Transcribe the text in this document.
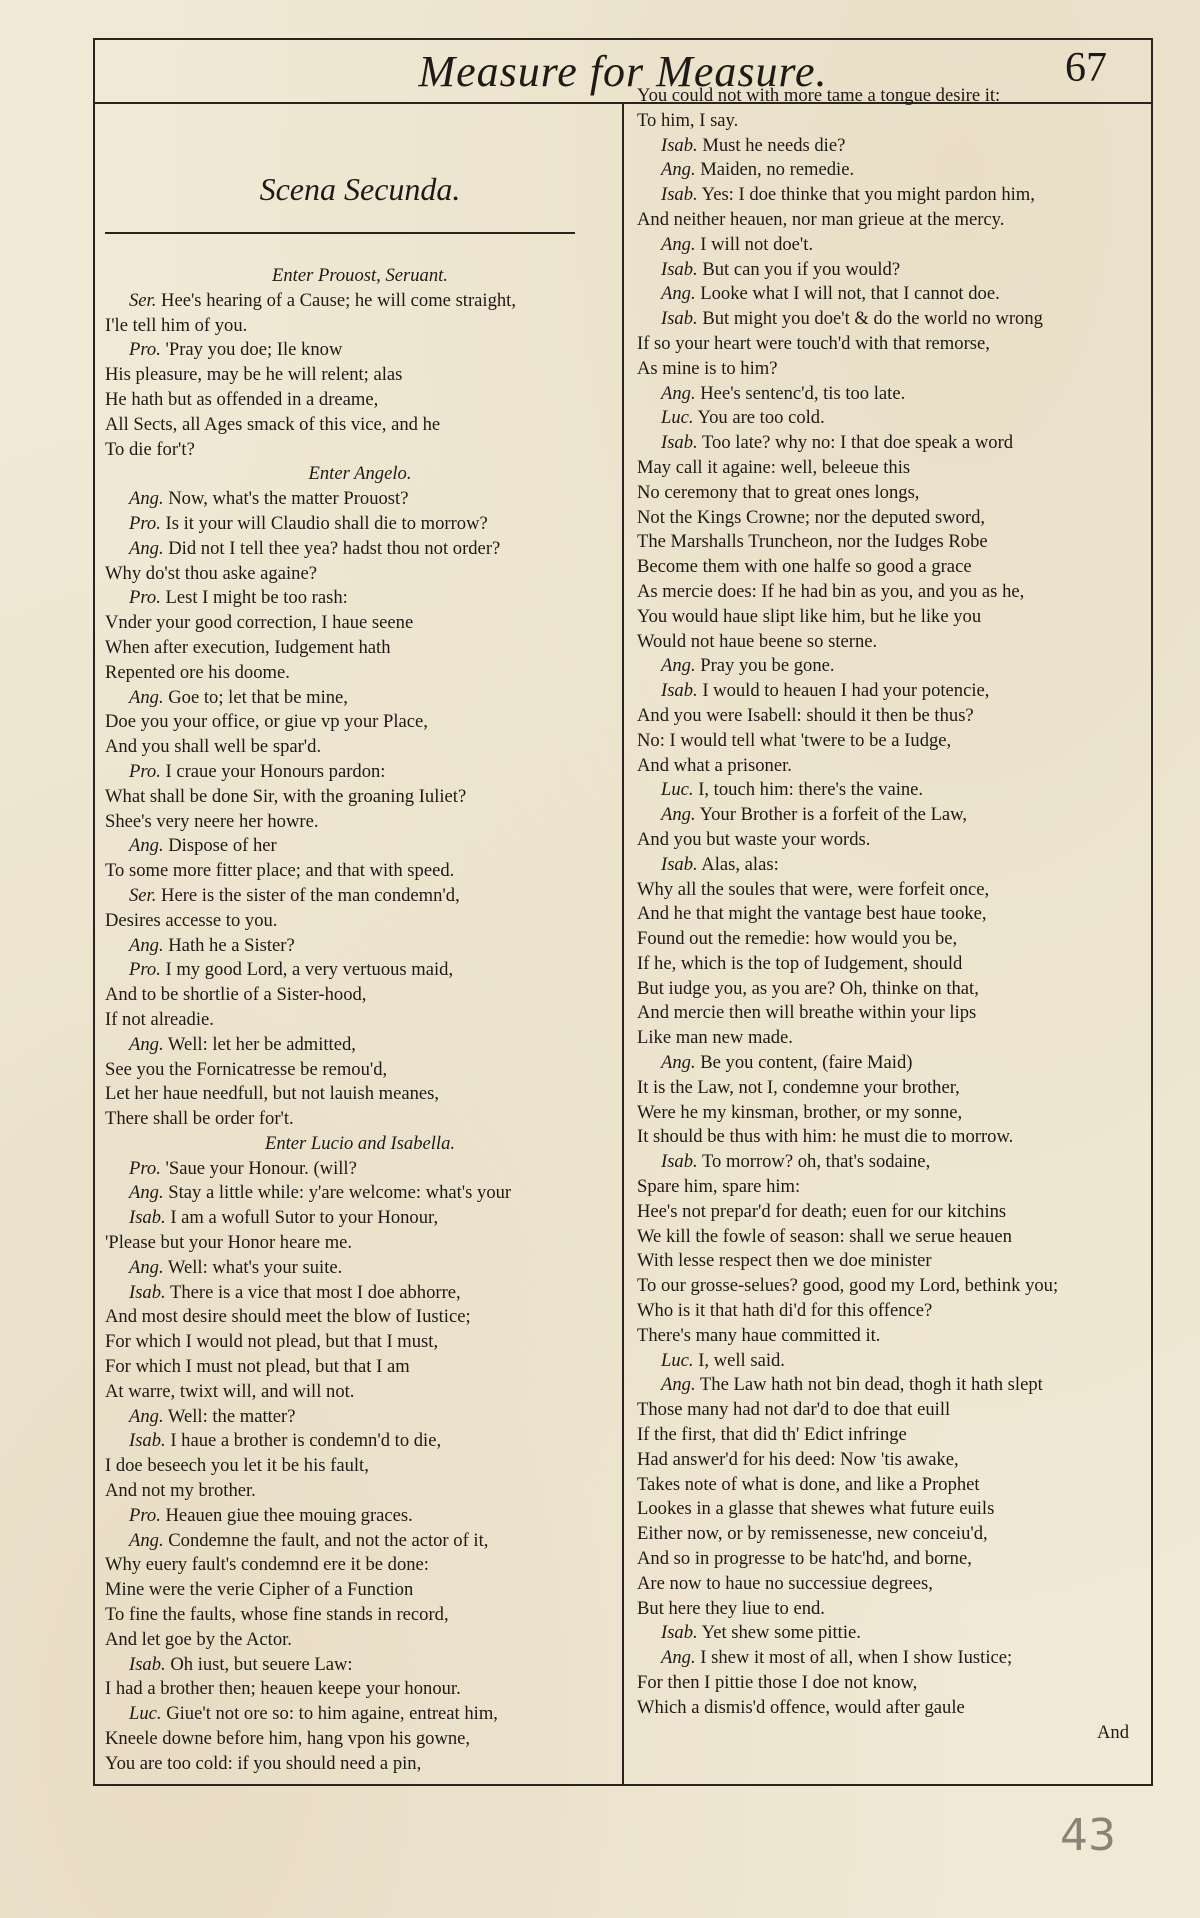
Measure for Measure.	67
Scena Secunda.
Enter Prouost, Seruant.
Ser. Hee's hearing of a Cause; he will come straight,
I'le tell him of you.
Pro. 'Pray you doe; Ile know
His pleasure, may be he will relent; alas
He hath but as offended in a dreame,
All Sects, all Ages smack of this vice, and he
To die for't?
Enter Angelo.
Ang. Now, what's the matter Prouost?
Pro. Is it your will Claudio shall die to morrow?
Ang. Did not I tell thee yea? hadst thou not order?
Why do'st thou aske againe?
Pro. Lest I might be too rash:
Vnder your good correction, I haue seene
When after execution, Iudgement hath
Repented ore his doome.
Ang. Goe to; let that be mine,
Doe you your office, or giue vp your Place,
And you shall well be spar'd.
Pro. I craue your Honours pardon:
What shall be done Sir, with the groaning Iuliet?
Shee's very neere her howre.
Ang. Dispose of her
To some more fitter place; and that with speed.
Ser. Here is the sister of the man condemn'd,
Desires accesse to you.
Ang. Hath he a Sister?
Pro. I my good Lord, a very vertuous maid,
And to be shortlie of a Sister-hood,
If not alreadie.
Ang. Well: let her be admitted,
See you the Fornicatresse be remou'd,
Let her haue needfull, but not lauish meanes,
There shall be order for't.
Enter Lucio and Isabella.
Pro. 'Saue your Honour. (will?
Ang. Stay a little while: y'are welcome: what's your
Isab. I am a wofull Sutor to your Honour,
'Please but your Honor heare me.
Ang. Well: what's your suite.
Isab. There is a vice that most I doe abhorre,
And most desire should meet the blow of Iustice;
For which I would not plead, but that I must,
For which I must not plead, but that I am
At warre, twixt will, and will not.
Ang. Well: the matter?
Isab. I haue a brother is condemn'd to die,
I doe beseech you let it be his fault,
And not my brother.
Pro. Heauen giue thee mouing graces.
Ang. Condemne the fault, and not the actor of it,
Why euery fault's condemnd ere it be done:
Mine were the verie Cipher of a Function
To fine the faults, whose fine stands in record,
And let goe by the Actor.
Isab. Oh iust, but seuere Law:
I had a brother then; heauen keepe your honour.
Luc. Giue't not ore so: to him againe, entreat him,
Kneele downe before him, hang vpon his gowne,
You are too cold: if you should need a pin,
You could not with more tame a tongue desire it:
To him, I say.
Isab. Must he needs die?
Ang. Maiden, no remedie.
Isab. Yes: I doe thinke that you might pardon him,
And neither heauen, nor man grieue at the mercy.
Ang. I will not doe't.
Isab. But can you if you would?
Ang. Looke what I will not, that I cannot doe.
Isab. But might you doe't & do the world no wrong
If so your heart were touch'd with that remorse,
As mine is to him?
Ang. Hee's sentenc'd, tis too late.
Luc. You are too cold.
Isab. Too late? why no: I that doe speak a word
May call it againe: well, beleeue this
No ceremony that to great ones longs,
Not the Kings Crowne; nor the deputed sword,
The Marshalls Truncheon, nor the Iudges Robe
Become them with one halfe so good a grace
As mercie does: If he had bin as you, and you as he,
You would haue slipt like him, but he like you
Would not haue beene so sterne.
Ang. Pray you be gone.
Isab. I would to heauen I had your potencie,
And you were Isabell: should it then be thus?
No: I would tell what 'twere to be a Iudge,
And what a prisoner.
Luc. I, touch him: there's the vaine.
Ang. Your Brother is a forfeit of the Law,
And you but waste your words.
Isab. Alas, alas:
Why all the soules that were, were forfeit once,
And he that might the vantage best haue tooke,
Found out the remedie: how would you be,
If he, which is the top of Iudgement, should
But iudge you, as you are? Oh, thinke on that,
And mercie then will breathe within your lips
Like man new made.
Ang. Be you content, (faire Maid)
It is the Law, not I, condemne your brother,
Were he my kinsman, brother, or my sonne,
It should be thus with him: he must die to morrow.
Isab. To morrow? oh, that's sodaine,
Spare him, spare him:
Hee's not prepar'd for death; euen for our kitchins
We kill the fowle of season: shall we serue heauen
With lesse respect then we doe minister
To our grosse-selues? good, good my Lord, bethink you;
Who is it that hath di'd for this offence?
There's many haue committed it.
Luc. I, well said.
Ang. The Law hath not bin dead, thogh it hath slept
Those many had not dar'd to doe that euill
If the first, that did th' Edict infringe
Had answer'd for his deed: Now 'tis awake,
Takes note of what is done, and like a Prophet
Lookes in a glasse that shewes what future euils
Either now, or by remissenesse, new conceiu'd,
And so in progresse to be hatc'hd, and borne,
Are now to haue no successiue degrees,
But here they liue to end.
Isab. Yet shew some pittie.
Ang. I shew it most of all, when I show Iustice;
For then I pittie those I doe not know,
Which a dismis'd offence, would after gaule
And
43
